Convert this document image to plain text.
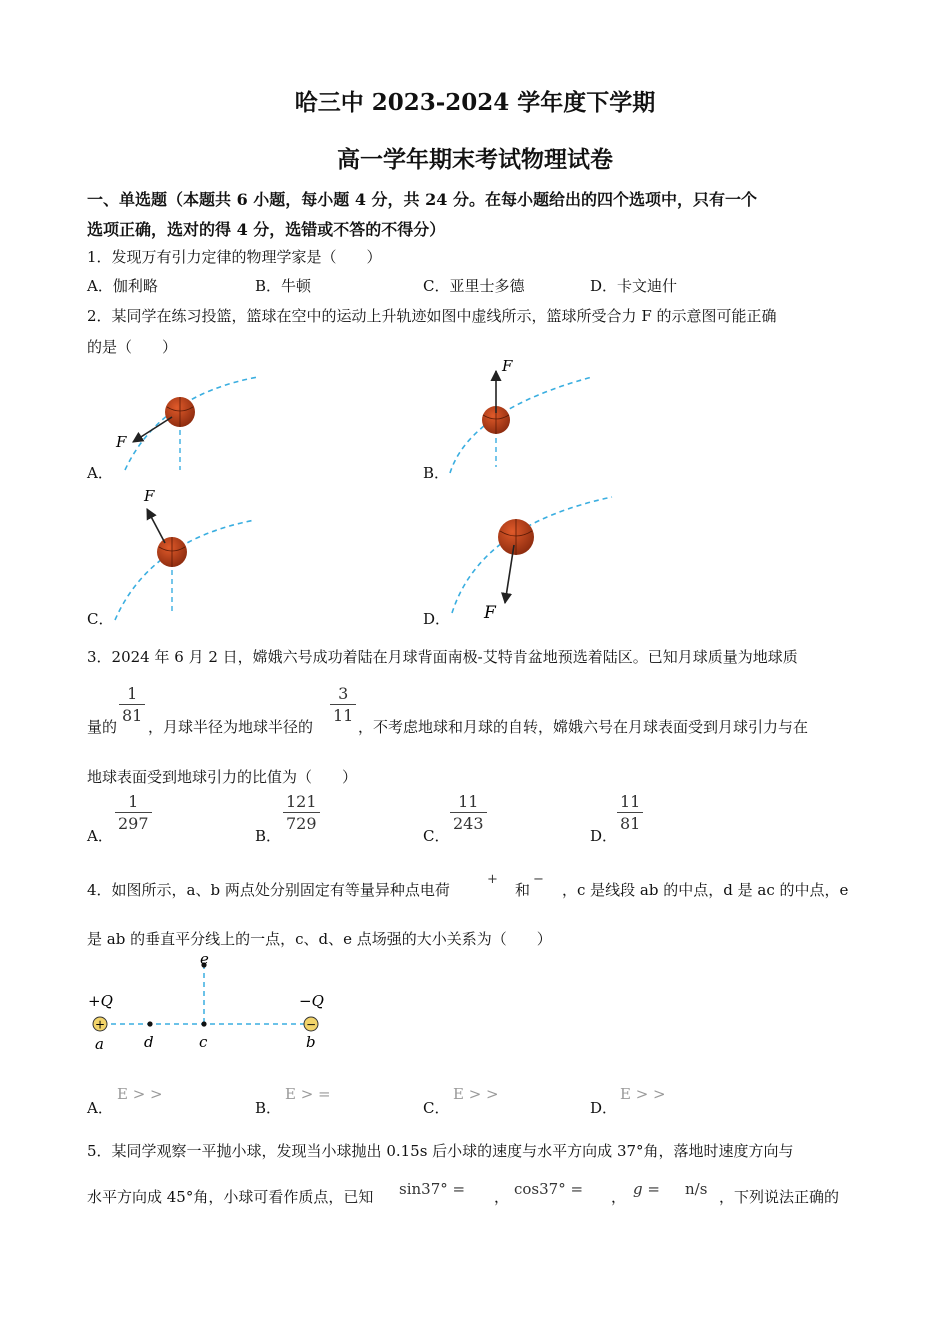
哈三中 2023-2024 学年度下学期
高一学年期末考试物理试卷
一、单选题（本题共 6 小题，每小题 4 分，共 24 分。在每小题给出的四个选项中，只有一个
选项正确，选对的得 4 分，选错或不答的不得分）
1．发现万有引力定律的物理学家是（　　）
A．伽利略	B．牛顿	C．亚里士多德	D．卡文迪什
2．某同学在练习投篮，篮球在空中的运动上升轨迹如图中虚线所示，篮球所受合力 F 的示意图可能正确
的是（　　）
F
F
F
F
A．	B．
C．	D．
3．2024 年 6 月 2 日，嫦娥六号成功着陆在月球背面南极-艾特肯盆地预选着陆区。已知月球质量为地球质
量的
1
81
，月球半径为地球半径的
3
11
，不考虑地球和月球的自转，嫦娥六号在月球表面受到月球引力与在
地球表面受到地球引力的比值为（　　）
A．
1
297
B．
121
729
C．
11
243
D．
11
81
4．如图所示，a、b 两点处分别固定有等量异种点电荷
+
和
−
，c 是线段 ab 的中点，d 是 ac 的中点，e
是 ab 的垂直平分线上的一点，c、d、e 点场强的大小关系为（　　）
+	−
+Q	−Q
a	d	c
e
b
A．
E > >
B．
E > =
C．
E > >
D．
E > >
5．某同学观察一平抛小球，发现当小球抛出 0.15s 后小球的速度与水平方向成 37°角，落地时速度方向与
水平方向成 45°角，小球可看作质点，已知 sin37° = ， cos37° = ， g = n/s ，下列说法正确的
